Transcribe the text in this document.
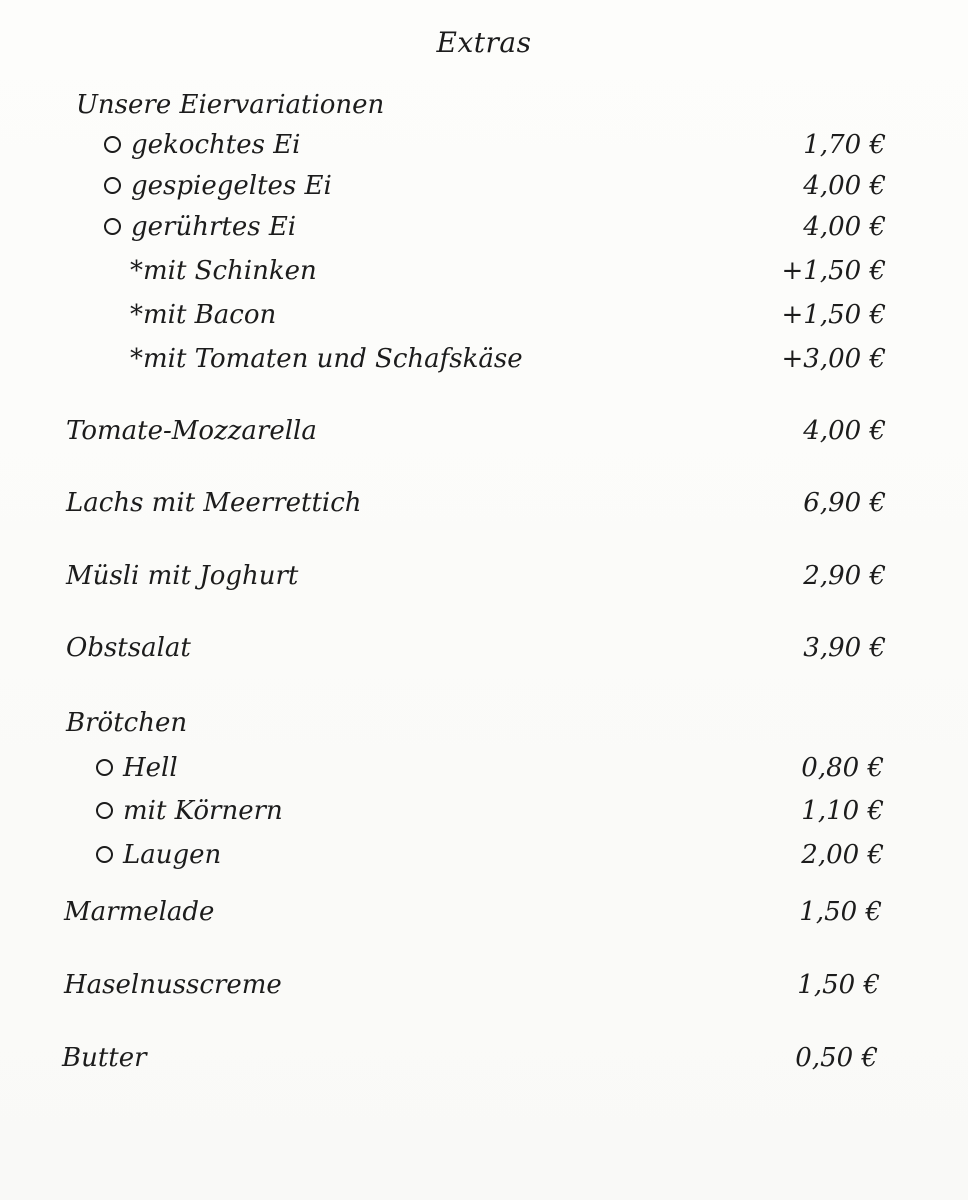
Extras
Unsere Eiervariationen
gekochtes Ei	1,70 €
gespiegeltes Ei	4,00 €
gerührtes Ei	4,00 €
*mit Schinken	+1,50 €
*mit Bacon	+1,50 €
*mit Tomaten und Schafskäse	+3,00 €
Tomate-Mozzarella	4,00 €
Lachs mit Meerrettich	6,90 €
Müsli mit Joghurt	2,90 €
Obstsalat	3,90 €
Brötchen
Hell	0,80 €
mit Körnern	1,10 €
Laugen	2,00 €
Marmelade	1,50 €
Haselnusscreme	1,50 €
Butter	0,50 €
